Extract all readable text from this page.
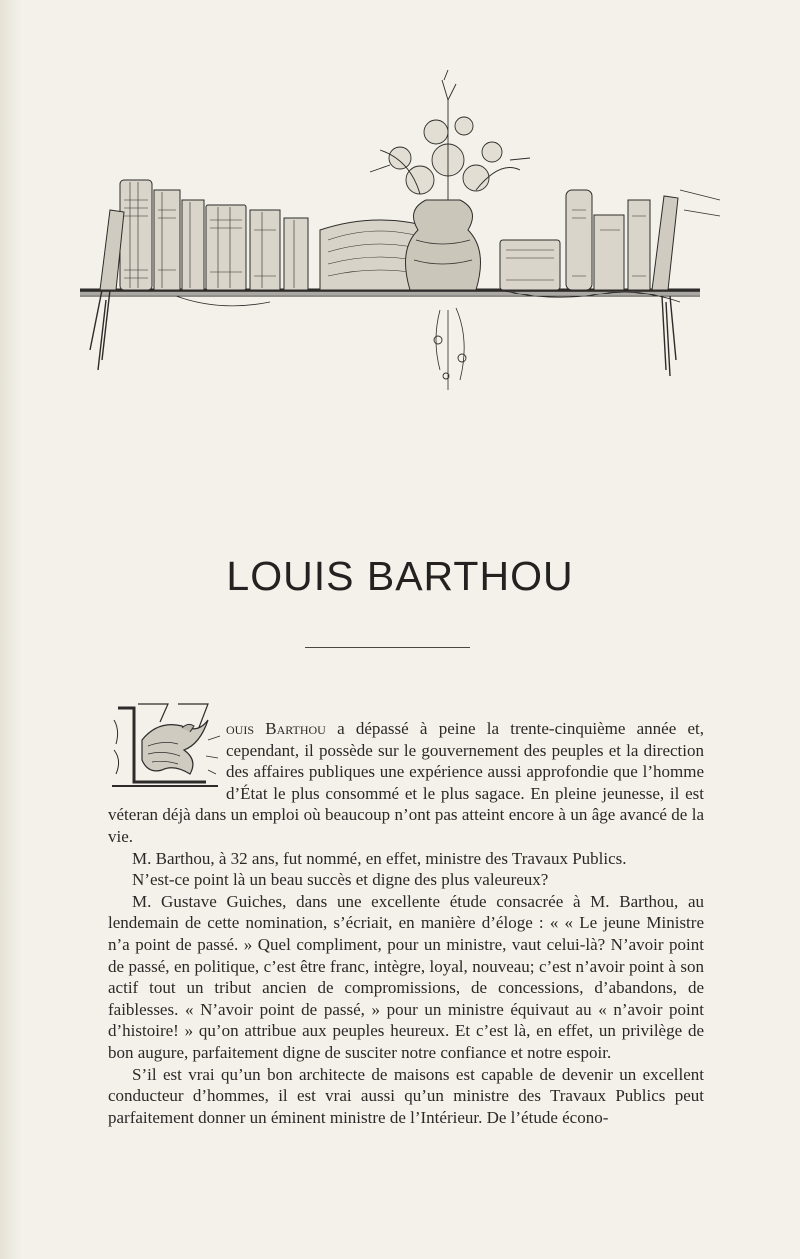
LOUIS BARTHOU

ouis Barthou a dépassé à peine la trente-cinquième année et, cependant, il possède sur le gouvernement des peuples et la direction des affaires publiques une expérience aussi approfondie que l’homme d’État le plus consommé et le plus sagace. En pleine jeunesse, il est véteran déjà dans un emploi où beaucoup n’ont pas atteint encore à un âge avancé de la vie.

M. Barthou, à 32 ans, fut nommé, en effet, ministre des Travaux Publics.

N’est-ce point là un beau succès et digne des plus valeureux?

M. Gustave Guiches, dans une excellente étude consacrée à M. Barthou, au lendemain de cette nomination, s’écriait, en manière d’éloge : « « Le jeune Ministre n’a point de passé. » Quel compliment, pour un ministre, vaut celui-là? N’avoir point de passé, en politique, c’est être franc, intègre, loyal, nouveau; c’est n’avoir point à son actif tout un tribut ancien de compromissions, de concessions, d’abandons, de faiblesses. « N’avoir point de passé, » pour un ministre équivaut au « n’avoir point d’histoire! » qu’on attribue aux peuples heureux. Et c’est là, en effet, un privilège de bon augure, parfaitement digne de susciter notre confiance et notre espoir.

S’il est vrai qu’un bon architecte de maisons est capable de devenir un excellent conducteur d’hommes, il est vrai aussi qu’un ministre des Travaux Publics peut parfaitement donner un éminent ministre de l’Intérieur. De l’étude écono-
